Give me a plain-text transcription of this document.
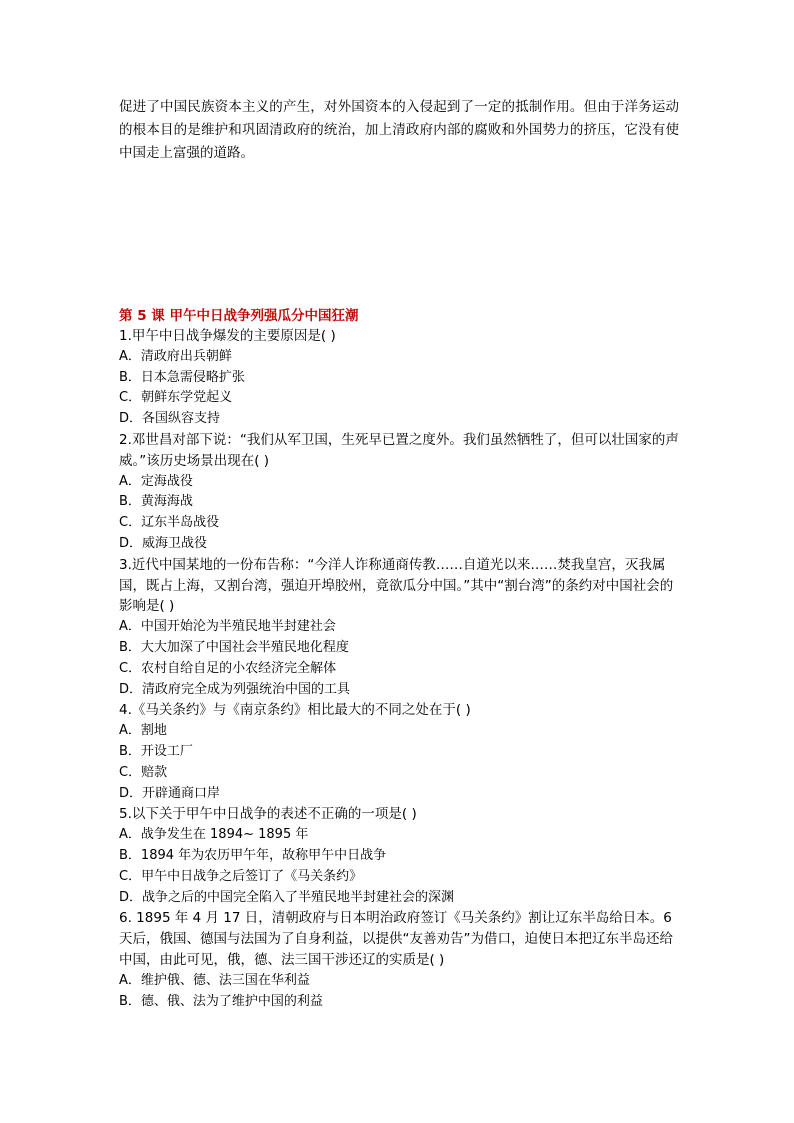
促进了中国民族资本主义的产生，对外国资本的入侵起到了一定的抵制作用。但由于洋务运动的根本目的是维护和巩固清政府的统治，加上清政府内部的腐败和外国势力的挤压，它没有使中国走上富强的道路。

第 5 课 甲午中日战争列强瓜分中国狂潮

1.甲午中日战争爆发的主要原因是( )

A．清政府出兵朝鲜

B．日本急需侵略扩张

C．朝鲜东学党起义

D．各国纵容支持

2.邓世昌对部下说：“我们从军卫国，生死早已置之度外。我们虽然牺牲了，但可以壮国家的声威。”该历史场景出现在( )

A．定海战役

B．黄海海战

C．辽东半岛战役

D．威海卫战役

3.近代中国某地的一份布告称：“今洋人诈称通商传教……自道光以来……焚我皇宫，灭我属国，既占上海，又割台湾，强迫开埠胶州，竟欲瓜分中国。”其中“割台湾”的条约对中国社会的影响是( )

A．中国开始沦为半殖民地半封建社会

B．大大加深了中国社会半殖民地化程度

C．农村自给自足的小农经济完全解体

D．清政府完全成为列强统治中国的工具

4.《马关条约》与《南京条约》相比最大的不同之处在于( )

A．割地

B．开设工厂

C．赔款

D．开辟通商口岸

5.以下关于甲午中日战争的表述不正确的一项是( )

A．战争发生在 1894~ 1895 年

B．1894 年为农历甲午年，故称甲午中日战争

C．甲午中日战争之后签订了《马关条约》

D．战争之后的中国完全陷入了半殖民地半封建社会的深渊

6. 1895 年 4 月 17 日，清朝政府与日本明治政府签订《马关条约》割让辽东半岛给日本。6 天后，俄国、德国与法国为了自身利益，以提供“友善劝告”为借口，迫使日本把辽东半岛还给中国，由此可见，俄，德、法三国干涉还辽的实质是( )

A．维护俄、德、法三国在华利益

B．德、俄、法为了维护中国的利益
